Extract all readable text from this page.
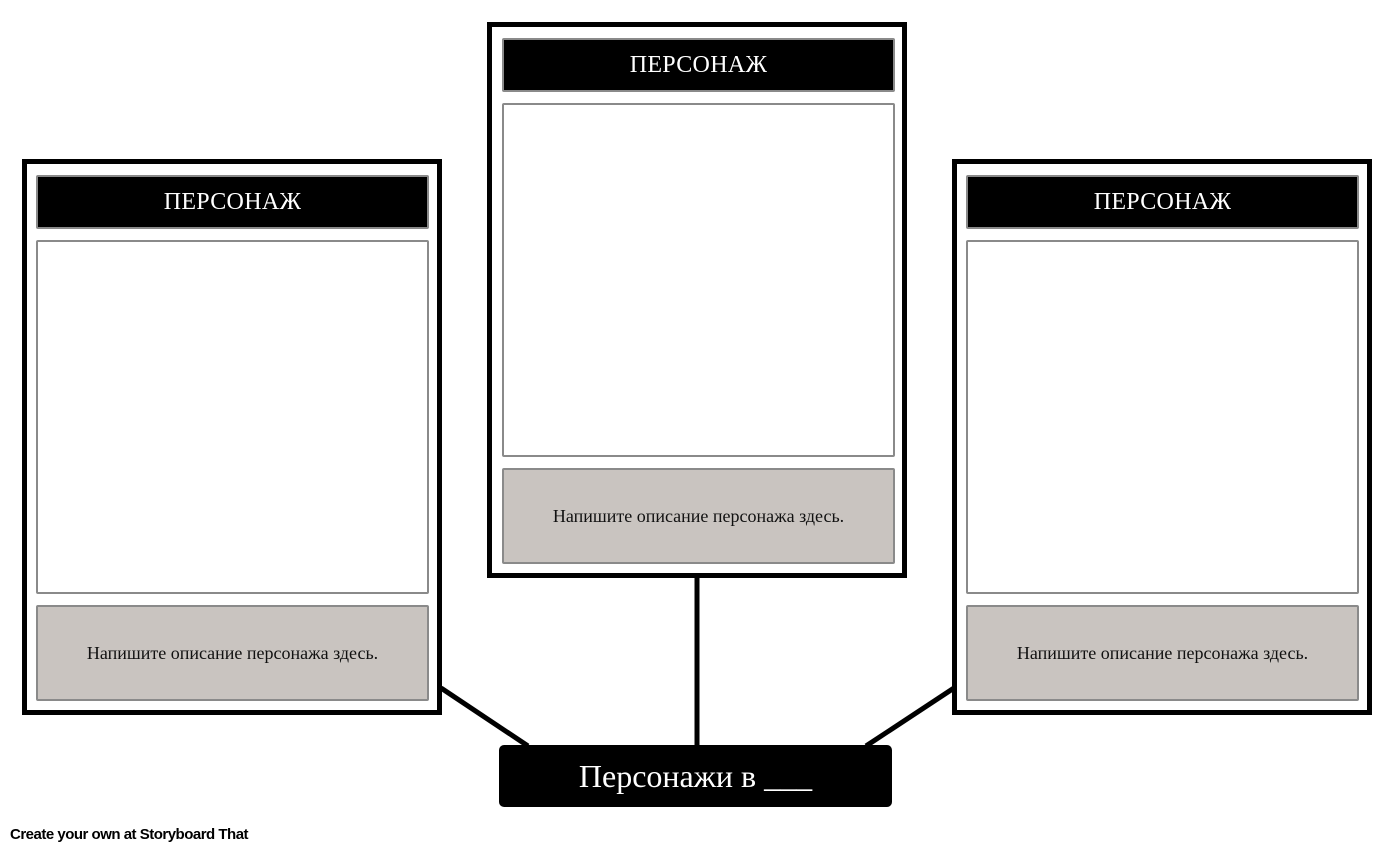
ПЕРСОНАЖ
Напишите описание персонажа здесь.
ПЕРСОНАЖ
Напишите описание персонажа здесь.
ПЕРСОНАЖ
Напишите описание персонажа здесь.
Персонажи в ___
Create your own at Storyboard That
